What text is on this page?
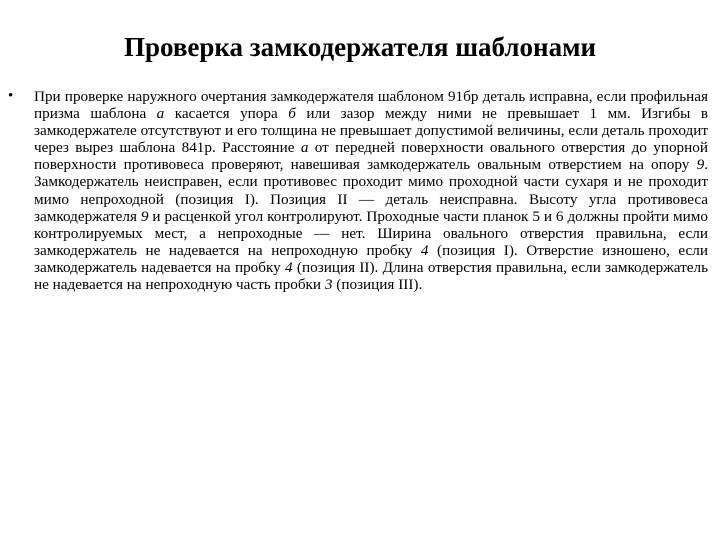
Проверка замкодержателя шаблонами
• При проверке наружного очертания замкодержателя шаблоном 91бр деталь исправна, если профильная призма шаблона а касается упора б или зазор между ними не превышает 1 мм. Изгибы в замкодержателе отсутствуют и его толщина не превышает допустимой величины, если деталь проходит через вырез шаблона 841р. Расстояние а от передней поверхности овального отверстия до упорной поверхности противовеса проверяют, навешивая замкодержатель овальным отверстием на опору 9. Замкодержатель неисправен, если противовес проходит мимо проходной части сухаря и не проходит мимо непроходной (позиция I). Позиция II — деталь неисправна. Высоту угла противовеса замкодержателя 9 и расценкой угол контролируют. Проходные части планок 5 и 6 должны пройти мимо контролируемых мест, а непроходные — нет. Ширина овального отверстия правильна, если замкодержатель не надевается на непроходную пробку 4 (позиция I). Отверстие изношено, если замкодержатель надевается на пробку 4 (позиция II). Длина отверстия правильна, если замкодержатель не надевается на непроходную часть пробки 3 (позиция III).
